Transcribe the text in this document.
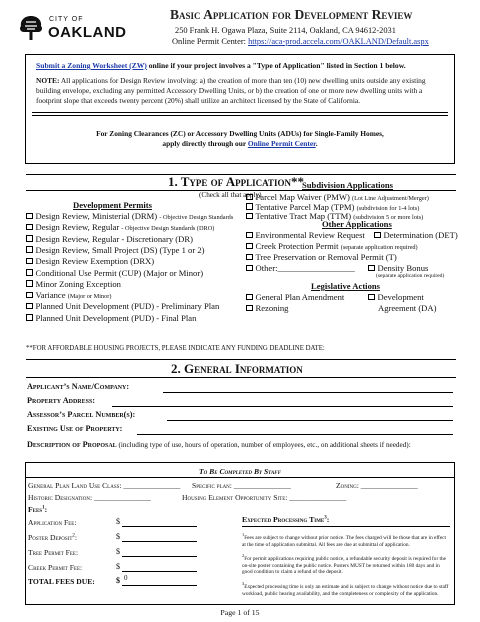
CITY OF
OAKLAND
Basic Application for Development Review
250 Frank H. Ogawa Plaza, Suite 2114, Oakland, CA 94612-2031
Online Permit Center: https://aca-prod.accela.com/OAKLAND/Default.aspx
Submit a Zoning Worksheet (ZW) online if your project involves a "Type of Application" listed in Section 1 below.
NOTE: All applications for Design Review involving: a) the creation of more than ten (10) new dwelling units outside any existing building envelope, excluding any permitted Accessory Dwelling Units, or b) the creation of one or more new dwelling units with a footprint slope that exceeds twenty percent (20%) shall utilize an architect licensed by the State of California.
For Zoning Clearances (ZC) or Accessory Dwelling Units (ADUs) for Single-Family Homes,
apply directly through our Online Permit Center.
1. Type of Application**
(Check all that apply)
Development Permits
Design Review, Ministerial (DRM) - Objective Design Standards
Design Review, Regular - Objective Design Standards (DRO)
Design Review, Regular - Discretionary (DR)
Design Review, Small Project (DS) (Type 1 or 2)
Design Review Exemption (DRX)
Conditional Use Permit (CUP) (Major or Minor)
Minor Zoning Exception
Variance (Major or Minor)
Planned Unit Development (PUD) - Preliminary Plan
Planned Unit Development (PUD) - Final Plan
Subdivision Applications
Parcel Map Waiver (PMW) (Lot Line Adjustment/Merger)
Tentative Parcel Map (TPM) (subdivision for 1-4 lots)
Tentative Tract Map (TTM) (subdivision 5 or more lots)
Other Applications
Environmental Review Request	Determination (DET)
Creek Protection Permit (separate application required)
Tree Preservation or Removal Permit (T)
Other:__________________	Density Bonus
(separate application required)
Legislative Actions
General Plan Amendment
Rezoning
Development
Agreement (DA)
**FOR AFFORDABLE HOUSING PROJECTS, PLEASE INDICATE ANY FUNDING DEADLINE DATE:
2. General Information
Applicant’s Name/Company:
Property Address:
Assessor’s Parcel Number(s):
Existing Use of Property:
Description of Proposal (including type of use, hours of operation, number of employees, etc., on additional sheets if needed):
To Be Completed By Staff
General Plan Land Use Class: _______________ Specific plan: _______________	Zoning: _______________
Historic Designation: _______________	Housing Element Opportunity Site: _______________
Fees$^1$:
Application Fee:	$
Poster Deposit$^2$:	$
Tree Permit Fee:	$
Creek Permit Fee:	$
TOTAL FEES DUE:	$ 0
Expected Processing Time$^3$:
$^1$Fees are subject to change without prior notice. The fees charged will be those that are in effect at the time of application submittal. All fees are due at submittal of application.
$^2$For permit applications requiring public notice, a refundable security deposit is required for the on-site poster containing the public notice. Posters MUST be returned within 180 days and in good condition to claim a refund of the deposit.
$^3$Expected processing time is only an estimate and is subject to change without notice due to staff workload, public hearing availability, and the completeness or complexity of the application.
Page 1 of 15
